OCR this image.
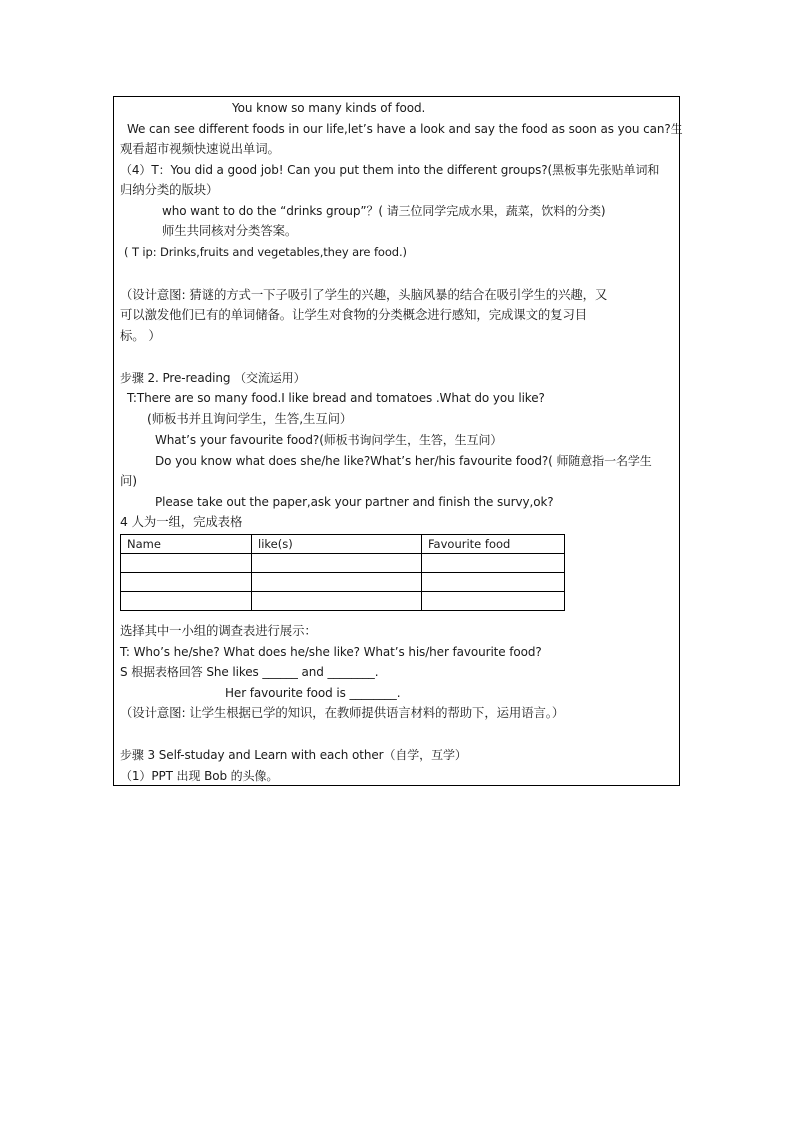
You know so many kinds of food.
We can see different foods in our life,let’s have a look and say the food as soon as you can?生
观看超市视频快速说出单词。
（4）T：You did a good job! Can you put them into the different groups?(黑板事先张贴单词和
归纳分类的版块）
who want to do the “drinks group”？( 请三位同学完成水果，蔬菜，饮料的分类)
师生共同核对分类答案。
( T ip: Drinks,fruits and vegetables,they are food.)
（设计意图: 猜谜的方式一下子吸引了学生的兴趣，头脑风暴的结合在吸引学生的兴趣，又
可以激发他们已有的单词储备。让学生对食物的分类概念进行感知，完成课文的复习目
标。 ）
步骤 2. Pre-reading （交流运用）
T:There are so many food.I like bread and tomatoes .What do you like?
(师板书并且询问学生，生答,生互问）
What’s your favourite food?(师板书询问学生，生答，生互问）
Do you know what does she/he like?What’s her/his favourite food?( 师随意指一名学生
问)
Please take out the paper,ask your partner and finish the survy,ok?
4 人为一组，完成表格
Name	like(s)	Favourite food

选择其中一小组的调查表进行展示：
T: Who’s he/she? What does he/she like? What’s his/her favourite food?
S 根据表格回答 She likes ______ and ________.
Her favourite food is ________.
（设计意图: 让学生根据已学的知识，在教师提供语言材料的帮助下，运用语言。）
步骤 3 Self-studay and Learn with each other（自学，互学）
（1）PPT 出现 Bob 的头像。
